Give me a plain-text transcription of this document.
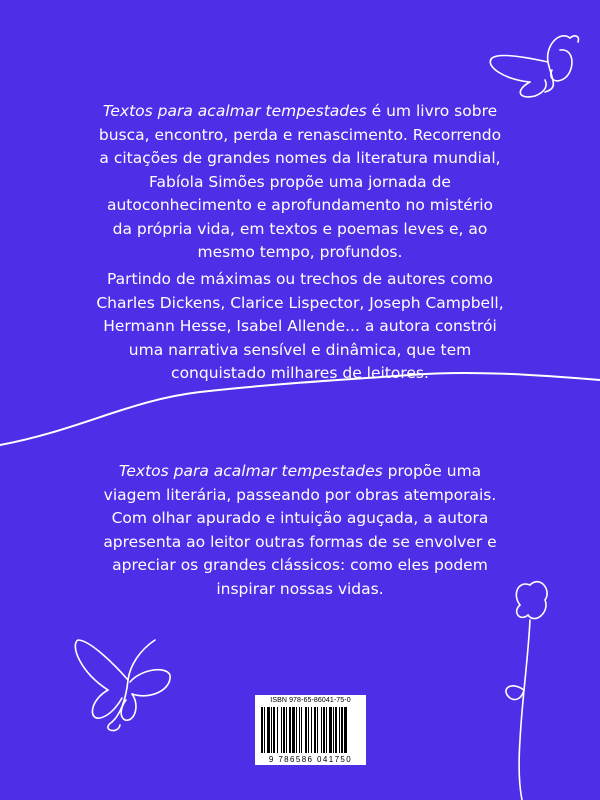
Textos para acalmar tempestades é um livro sobre busca, encontro, perda e renascimento. Recorrendo a citações de grandes nomes da literatura mundial, Fabíola Simões propõe uma jornada de autoconhecimento e aprofundamento no mistério da própria vida, em textos e poemas leves e, ao mesmo tempo, profundos.

Partindo de máximas ou trechos de autores como Charles Dickens, Clarice Lispector, Joseph Campbell, Hermann Hesse, Isabel Allende... a autora constrói uma narrativa sensível e dinâmica, que tem conquistado milhares de leitores.

Textos para acalmar tempestades propõe uma viagem literária, passeando por obras atemporais. Com olhar apurado e intuição aguçada, a autora apresenta ao leitor outras formas de se envolver e apreciar os grandes clássicos: como eles podem inspirar nossas vidas.

ISBN 978-65-86041-75-0
9 786586 041750
